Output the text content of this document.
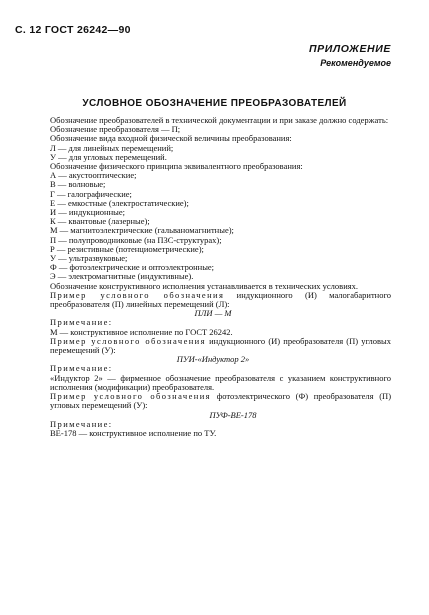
С. 12 ГОСТ 26242—90
ПРИЛОЖЕНИЕ
Рекомендуемое
УСЛОВНОЕ ОБОЗНАЧЕНИЕ ПРЕОБРАЗОВАТЕЛЕЙ

Обозначение преобразователей в технической документации и при заказе должно содержать:

Обозначение преобразователя — П;

Обозначение вида входной физической величины преобразования:

Л — для линейных перемещений;

У — для угловых перемещений.

Обозначение физического принципа эквивалентного преобразования:

А — акустооптические;

В — волновые;

Г — галографические;

Е — емкостные (электростатические);

И — индукционные;

К — квантовые (лазерные);

М — магнитоэлектрические (гальваномагнитные);

П — полупроводниковые (на ПЗС-структурах);

Р — резистивные (потенциометрические);

У — ультразвуковые;

Ф — фотоэлектрические и оптоэлектронные;

Э — электромагнитные (индуктивные).

Обозначение конструктивного исполнения устанавливается в технических условиях.

Пример условного обозначения индукционного (И) малогабаритного преобразователя (П) линейных перемещений (Л):

ПЛИ — М

Примечание:

М — конструктивное исполнение по ГОСТ 26242.

Пример условного обозначения индукционного (И) преобразователя (П) угловых перемещений (У):

ПУИ-«Индуктор 2»

Примечание:

«Индуктор 2» — фирменное обозначение преобразователя с указанием конструктивного исполнения (модификации) преобразователя.

Пример условного обозначения фотоэлектрического (Ф) преобразователя (П) угловых перемещений (У):

ПУФ-ВЕ-178

Примечание:

ВЕ-178 — конструктивное исполнение по ТУ.
